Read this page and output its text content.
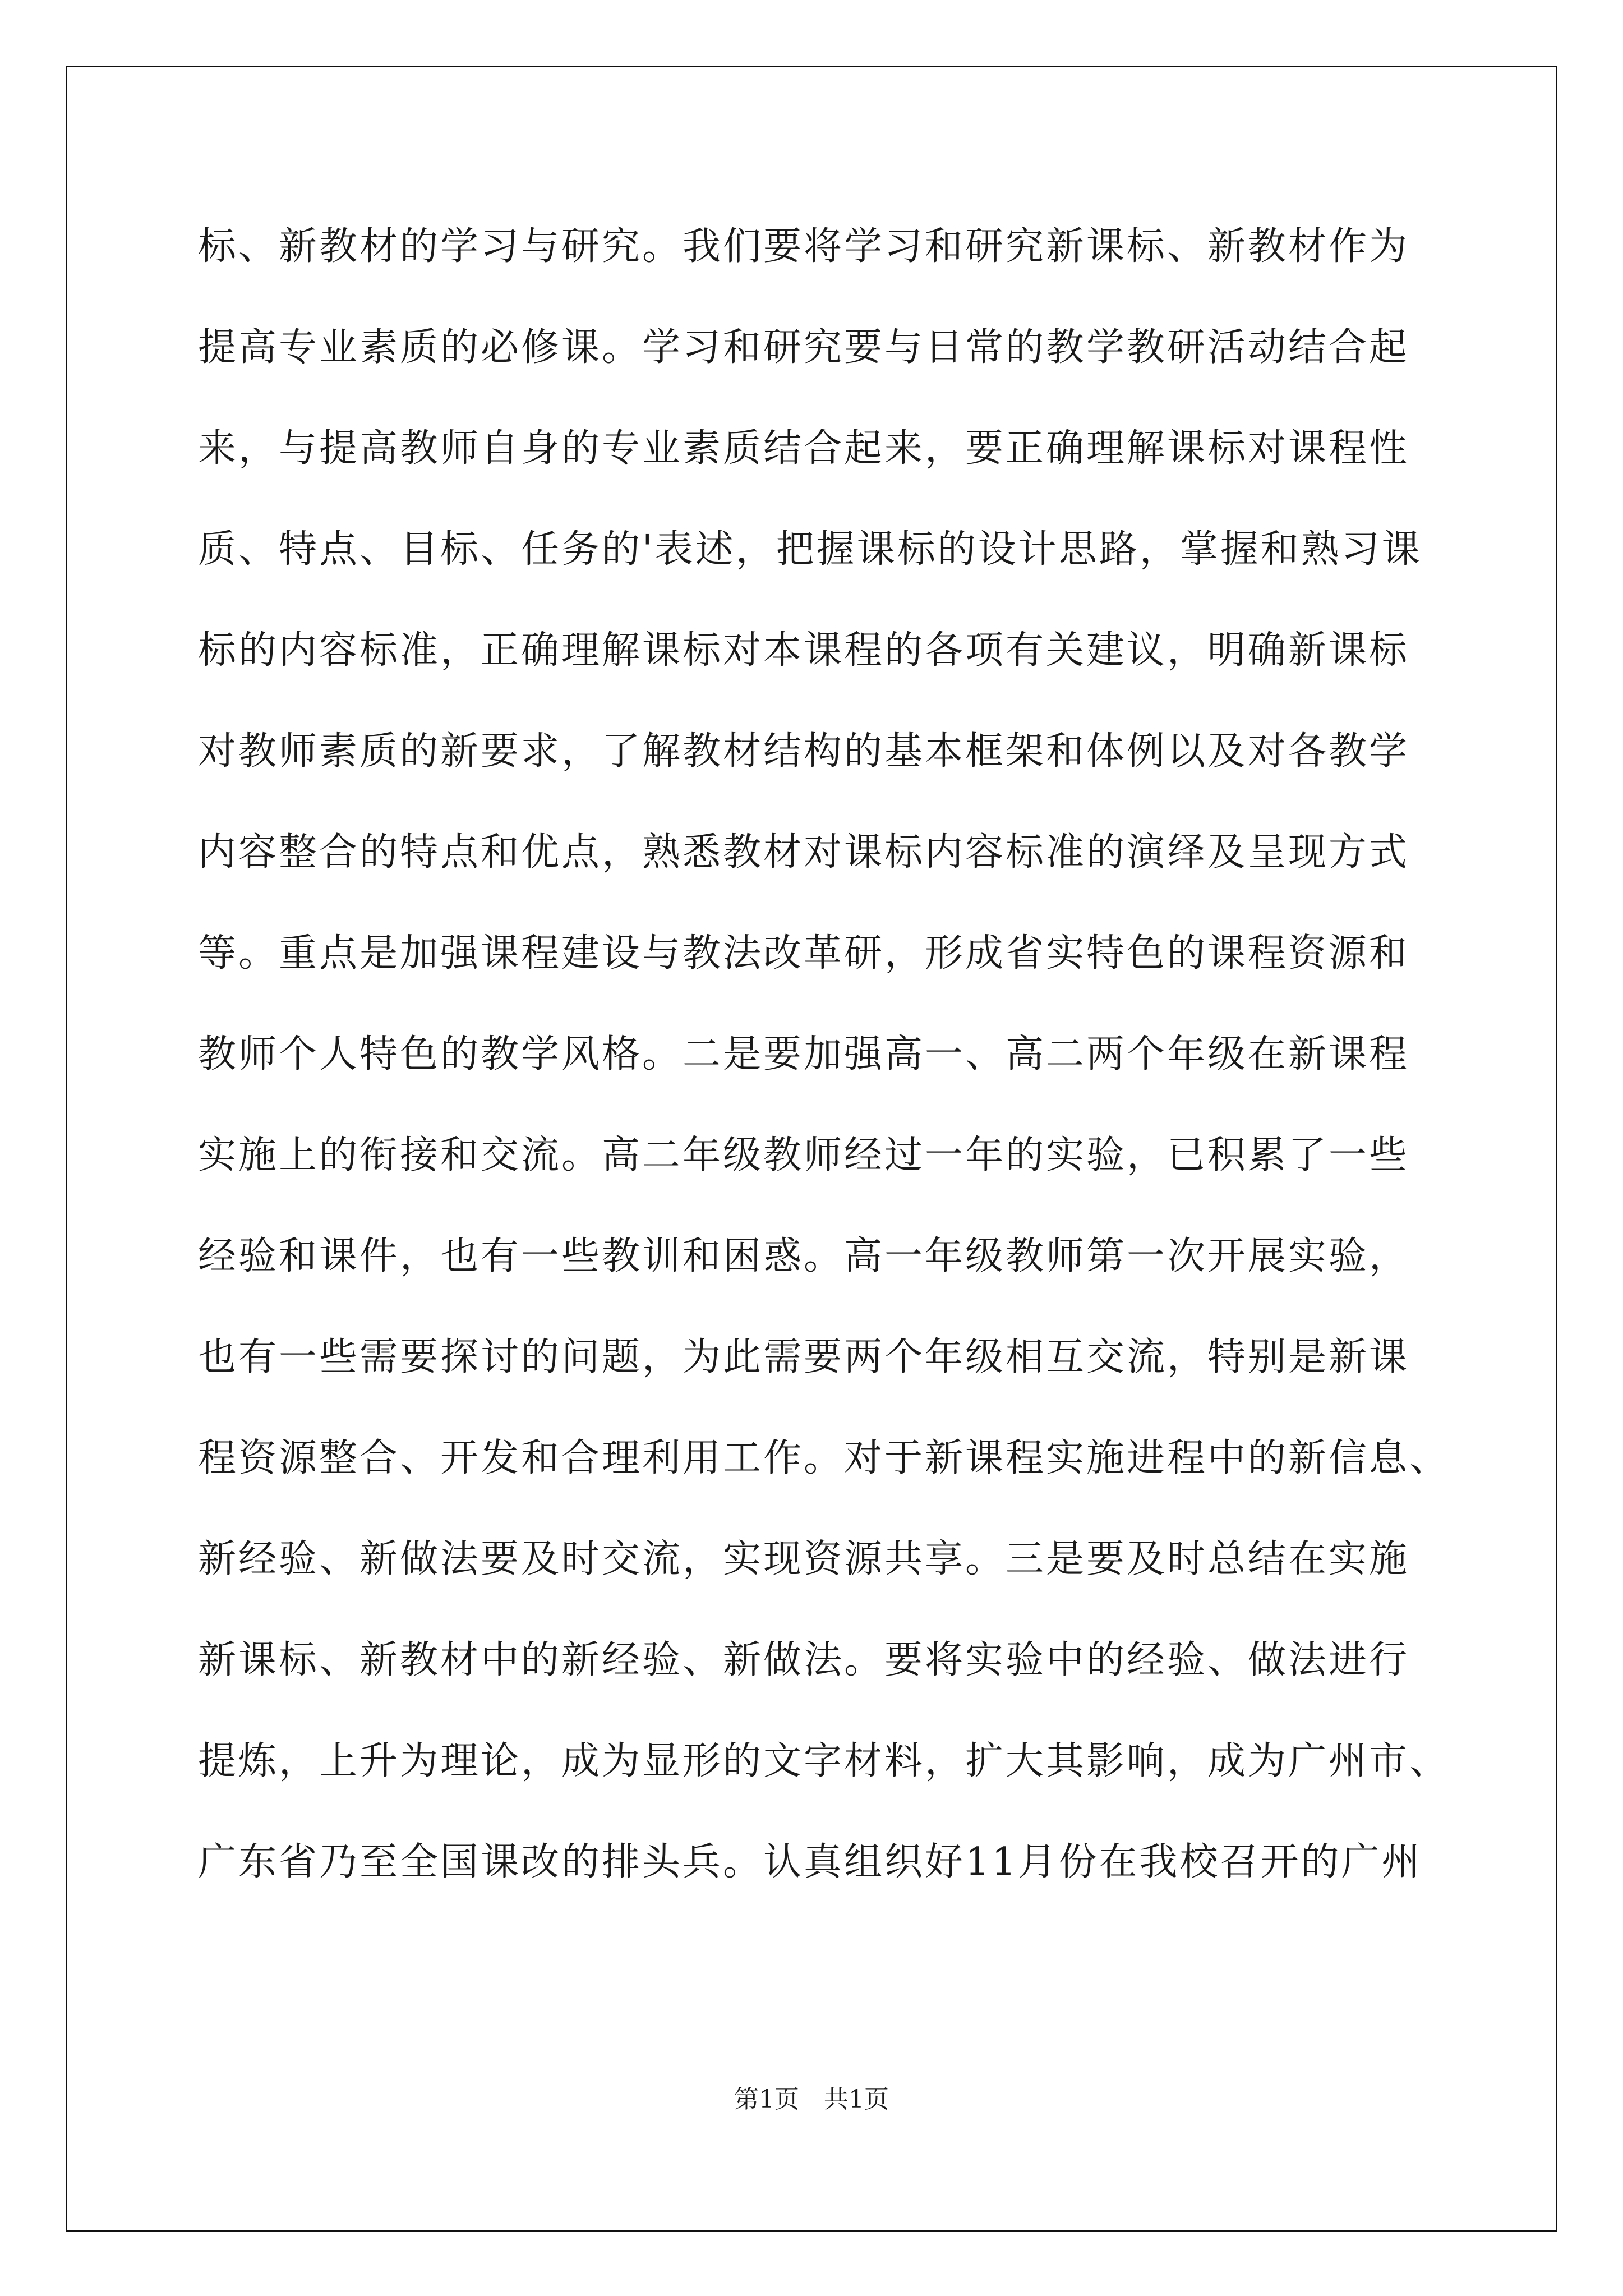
标、新教材的学习与研究。我们要将学习和研究新课标、新教材作为
提高专业素质的必修课。学习和研究要与日常的教学教研活动结合起
来，与提高教师自身的专业素质结合起来，要正确理解课标对课程性
质、特点、目标、任务的'表述，把握课标的设计思路，掌握和熟习课
标的内容标准，正确理解课标对本课程的各项有关建议，明确新课标
对教师素质的新要求，了解教材结构的基本框架和体例以及对各教学
内容整合的特点和优点，熟悉教材对课标内容标准的演绎及呈现方式
等。重点是加强课程建设与教法改革研，形成省实特色的课程资源和
教师个人特色的教学风格。二是要加强高一、高二两个年级在新课程
实施上的衔接和交流。高二年级教师经过一年的实验，已积累了一些
经验和课件，也有一些教训和困惑。高一年级教师第一次开展实验，
也有一些需要探讨的问题，为此需要两个年级相互交流，特别是新课
程资源整合、开发和合理利用工作。对于新课程实施进程中的新信息、
新经验、新做法要及时交流，实现资源共享。三是要及时总结在实施
新课标、新教材中的新经验、新做法。要将实验中的经验、做法进行
提炼，上升为理论，成为显形的文字材料，扩大其影响，成为广州市、
广东省乃至全国课改的排头兵。认真组织好11月份在我校召开的广州
第1页　共1页
